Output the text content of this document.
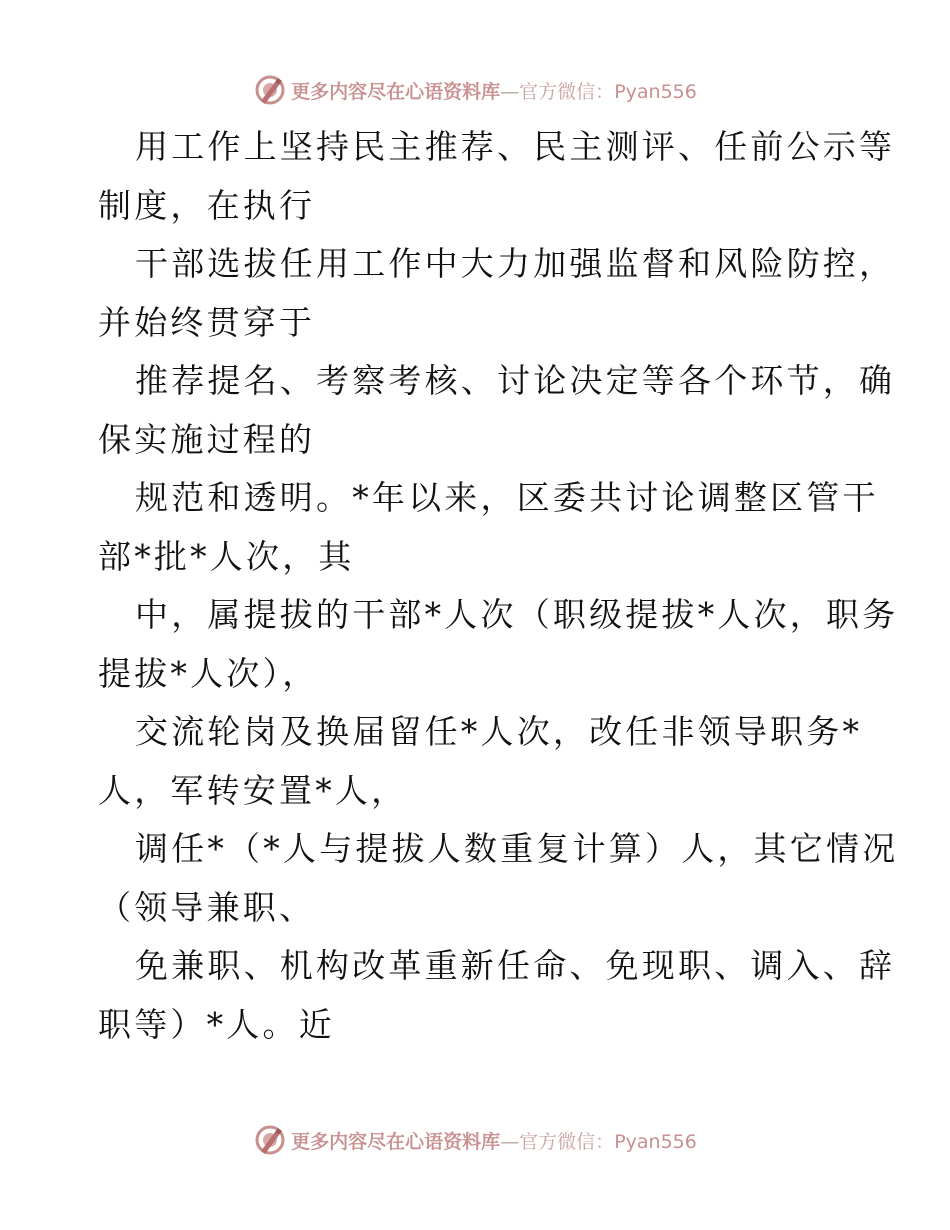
更多内容尽在心语资料库—官方微信：Pyan556
用工作上坚持民主推荐、民主测评、任前公示等
制度，在执行
干部选拔任用工作中大力加强监督和风险防控，
并始终贯穿于
推荐提名、考察考核、讨论决定等各个环节，确
保实施过程的
规范和透明。*年以来，区委共讨论调整区管干
部*批*人次，其
中，属提拔的干部*人次（职级提拔*人次，职务
提拔*人次），
交流轮岗及换届留任*人次，改任非领导职务*
人，军转安置*人，
调任*（*人与提拔人数重复计算）人，其它情况
（领导兼职、
免兼职、机构改革重新任命、免现职、调入、辞
职等）*人。近
更多内容尽在心语资料库—官方微信：Pyan556
